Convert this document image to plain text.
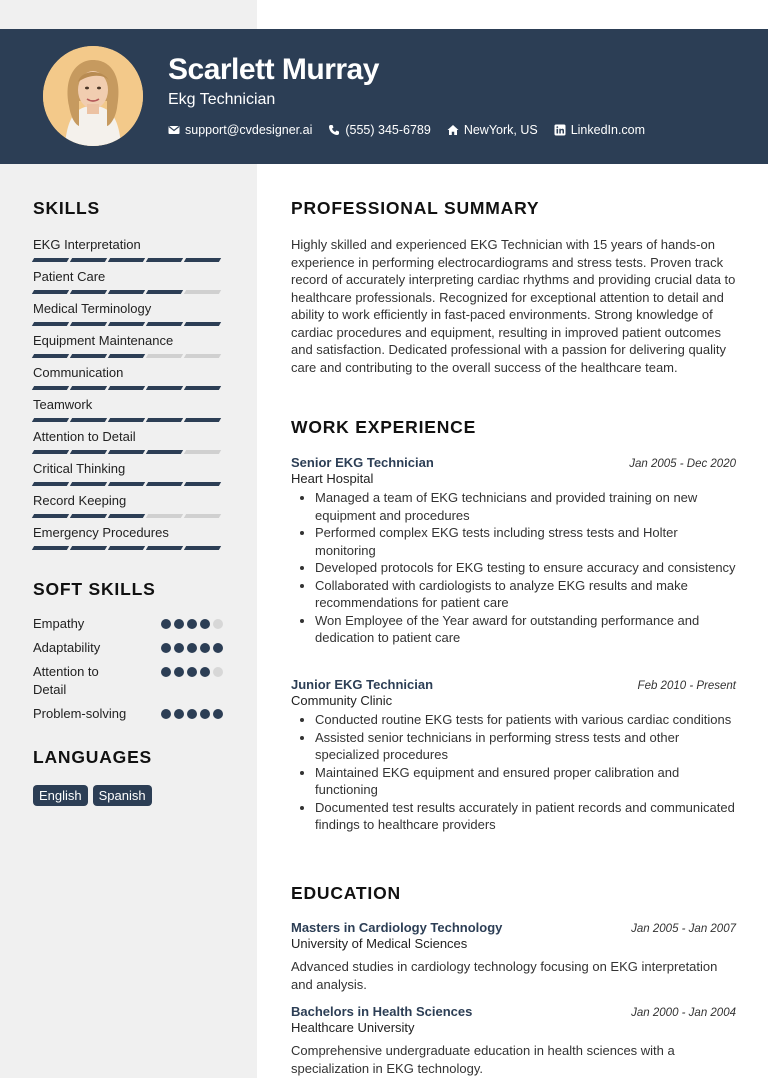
Scarlett Murray
Ekg Technician
support@cvdesigner.ai	(555) 345-6789	NewYork, US	LinkedIn.com
SKILLS
EKG Interpretation
Patient Care
Medical Terminology
Equipment Maintenance
Communication
Teamwork
Attention to Detail
Critical Thinking
Record Keeping
Emergency Procedures
SOFT SKILLS
Empathy
Adaptability
Attention to Detail
Problem-solving
LANGUAGES
English	Spanish
PROFESSIONAL SUMMARY

Highly skilled and experienced EKG Technician with 15 years of hands-on experience in performing electrocardiograms and stress tests. Proven track record of accurately interpreting cardiac rhythms and providing crucial data to healthcare professionals. Recognized for exceptional attention to detail and ability to work efficiently in fast-paced environments. Strong knowledge of cardiac procedures and equipment, resulting in improved patient outcomes and satisfaction. Dedicated professional with a passion for delivering quality care and contributing to the overall success of the healthcare team.

WORK EXPERIENCE
Senior EKG Technician	Jan 2005 - Dec 2020
Heart Hospital
• Managed a team of EKG technicians and provided training on new equipment and procedures
• Performed complex EKG tests including stress tests and Holter monitoring
• Developed protocols for EKG testing to ensure accuracy and consistency
• Collaborated with cardiologists to analyze EKG results and make recommendations for patient care
• Won Employee of the Year award for outstanding performance and dedication to patient care
Junior EKG Technician	Feb 2010 - Present
Community Clinic
• Conducted routine EKG tests for patients with various cardiac conditions
• Assisted senior technicians in performing stress tests and other specialized procedures
• Maintained EKG equipment and ensured proper calibration and functioning
• Documented test results accurately in patient records and communicated findings to healthcare providers
EDUCATION
Masters in Cardiology Technology	Jan 2005 - Jan 2007
University of Medical Sciences

Advanced studies in cardiology technology focusing on EKG interpretation and analysis.

Bachelors in Health Sciences	Jan 2000 - Jan 2004
Healthcare University

Comprehensive undergraduate education in health sciences with a specialization in EKG technology.
